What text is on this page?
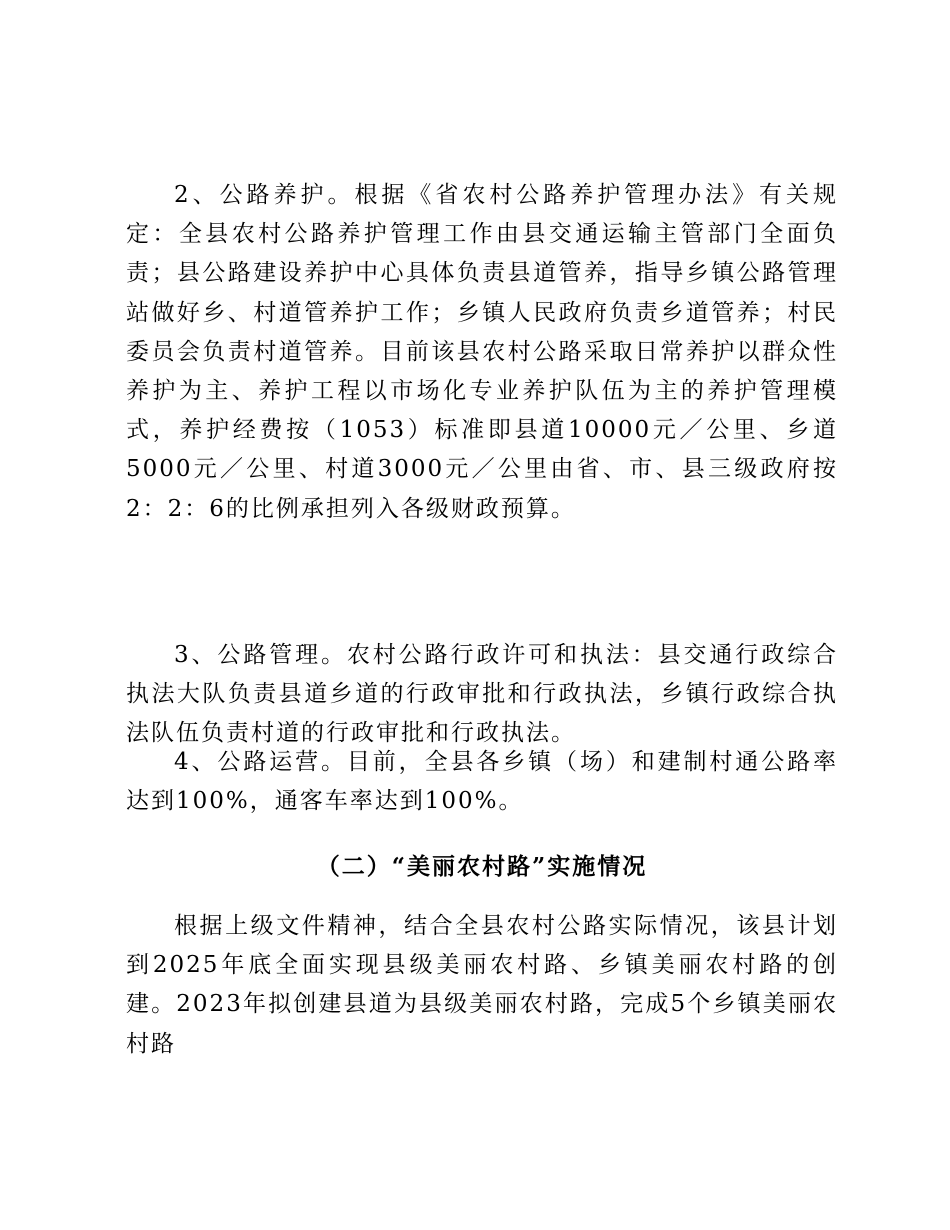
2、公路养护。根据《省农村公路养护管理办法》有关规定：全县农村公路养护管理工作由县交通运输主管部门全面负责；县公路建设养护中心具体负责县道管养，指导乡镇公路管理站做好乡、村道管养护工作；乡镇人民政府负责乡道管养；村民委员会负责村道管养。目前该县农村公路采取日常养护以群众性养护为主、养护工程以市场化专业养护队伍为主的养护管理模式，养护经费按（1053）标准即县道10000元／公里、乡道5000元／公里、村道3000元／公里由省、市、县三级政府按2：2：6的比例承担列入各级财政预算。

3、公路管理。农村公路行政许可和执法：县交通行政综合执法大队负责县道乡道的行政审批和行政执法，乡镇行政综合执法队伍负责村道的行政审批和行政执法。

4、公路运营。目前，全县各乡镇（场）和建制村通公路率达到100%，通客车率达到100%。

（二）“美丽农村路”实施情况

根据上级文件精神，结合全县农村公路实际情况，该县计划到2025年底全面实现县级美丽农村路、乡镇美丽农村路的创建。2023年拟创建县道为县级美丽农村路，完成5个乡镇美丽农村路
